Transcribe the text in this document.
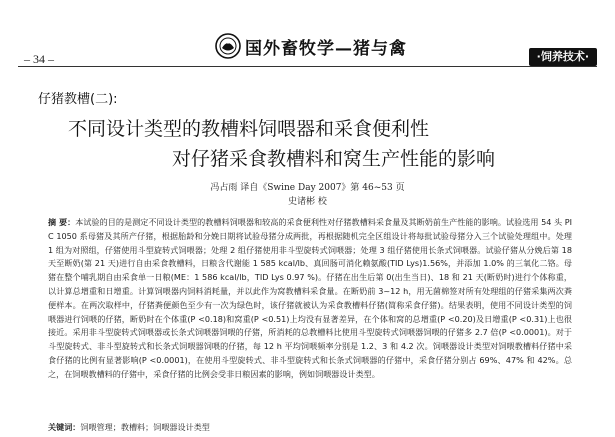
– 34 –
国外畜牧学—猪与禽	·饲养技术·
仔猪教槽(二):
不同设计类型的教槽料饲喂器和采食便利性
对仔猪采食教槽料和窝生产性能的影响
冯占雨 译自《Swine Day 2007》第 46~53 页
史诸彬 校
摘 要：本试验的目的是测定不同设计类型的教槽料饲喂器和较高的采食便利性对仔猪教槽料采食量及其断奶前生产性能的影响。试验选用 54 头 PIC 1050 系母猪及其所产仔猪，根据胎龄和分娩日期将试验母猪分成两批，再根据随机完全区组设计将每批试验母猪分入三个试验处理组中。处理 1 组为对照组，仔猪使用斗型旋转式饲喂器；处理 2 组仔猪使用非斗型旋转式饲喂器；处理 3 组仔猪使用长条式饲喂器。试验仔猪从分娩后第 18 天至断奶(第 21 天)进行自由采食教槽料，日粮含代谢能 1 585 kcal/lb、真回肠可消化赖氨酸(TID Lys)1.56%，并添加 1.0% 的三氧化二铬。母猪在整个哺乳期自由采食单一日粮(ME：1 586 kcal/lb，TID Lys 0.97 %)。仔猪在出生后第 0(出生当日)、18 和 21 天(断奶时)进行个体称重，以计算总增重和日增重。计算饲喂器内饲料消耗量，并以此作为窝教槽料采食量。在断奶前 3~12 h，用无菌棉签对所有处理组的仔猪采集两次粪便样本。在两次取样中，仔猪粪便颜色至少有一次为绿色时，该仔猪就被认为采食教槽料仔猪(简称采食仔猪)。结果表明，使用不同设计类型的饲喂器进行饲喂的仔猪，断奶时在个体重(P <0.18)和窝重(P <0.51)上均没有显著差异，在个体和窝的总增重(P <0.20)及日增重(P <0.31)上也很接近。采用非斗型旋转式饲喂器或长条式饲喂器饲喂的仔猪，所消耗的总教槽料比使用斗型旋转式饲喂器饲喂的仔猪多 2.7 倍(P <0.0001)。对于斗型旋转式、非斗型旋转式和长条式饲喂器饲喂的仔猪，每 12 h 平均饲喂频率分别是 1.2、3 和 4.2 次。饲喂器设计类型对饲喂教槽料仔猪中采食仔猪的比例有显著影响(P <0.0001)，在使用斗型旋转式、非斗型旋转式和长条式饲喂器的仔猪中，采食仔猪分别占 69%、47% 和 42%。总之，在饲喂教槽料的仔猪中，采食仔猪的比例会受非日粮因素的影响，例如饲喂器设计类型。
关键词：饲喂管理；教槽料；饲喂器设计类型
